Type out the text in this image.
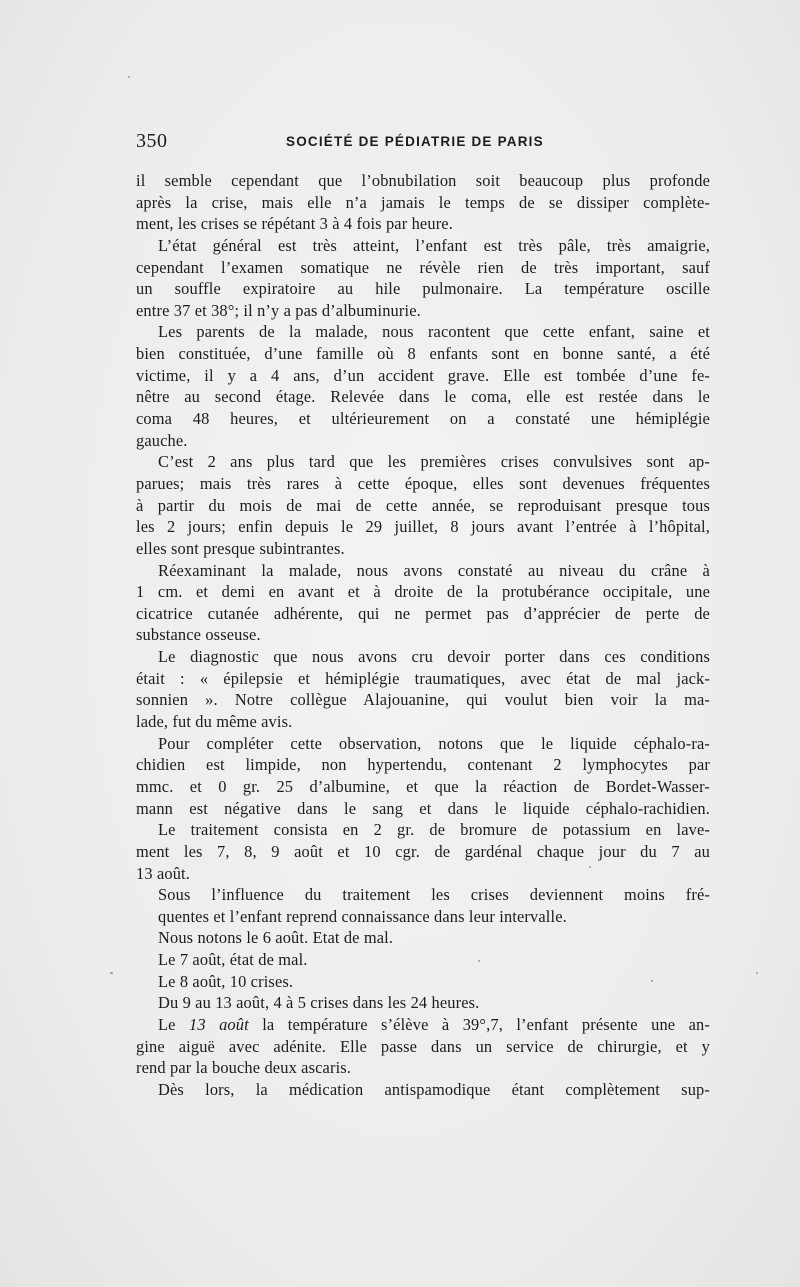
350	SOCIÉTÉ DE PÉDIATRIE DE PARIS
il semble cependant que l’obnubilation soit beaucoup plus profonde
après la crise, mais elle n’a jamais le temps de se dissiper complète-
ment, les crises se répétant 3 à 4 fois par heure.
L’état général est très atteint, l’enfant est très pâle, très amaigrie,
cependant l’examen somatique ne révèle rien de très important, sauf
un souffle expiratoire au hile pulmonaire. La température oscille
entre 37 et 38°; il n’y a pas d’albuminurie.
Les parents de la malade, nous racontent que cette enfant, saine et
bien constituée, d’une famille où 8 enfants sont en bonne santé, a été
victime, il y a 4 ans, d’un accident grave. Elle est tombée d’une fe-
nêtre au second étage. Relevée dans le coma, elle est restée dans le
coma 48 heures, et ultérieurement on a constaté une hémiplégie
gauche.
C’est 2 ans plus tard que les premières crises convulsives sont ap-
parues; mais très rares à cette époque, elles sont devenues fréquentes
à partir du mois de mai de cette année, se reproduisant presque tous
les 2 jours; enfin depuis le 29 juillet, 8 jours avant l’entrée à l’hôpital,
elles sont presque subintrantes.
Réexaminant la malade, nous avons constaté au niveau du crâne à
1 cm. et demi en avant et à droite de la protubérance occipitale, une
cicatrice cutanée adhérente, qui ne permet pas d’apprécier de perte de
substance osseuse.
Le diagnostic que nous avons cru devoir porter dans ces conditions
était : « épilepsie et hémiplégie traumatiques, avec état de mal jack-
sonnien ». Notre collègue Alajouanine, qui voulut bien voir la ma-
lade, fut du même avis.
Pour compléter cette observation, notons que le liquide céphalo-ra-
chidien est limpide, non hypertendu, contenant 2 lymphocytes par
mmc. et 0 gr. 25 d’albumine, et que la réaction de Bordet-Wasser-
mann est négative dans le sang et dans le liquide céphalo-rachidien.
Le traitement consista en 2 gr. de bromure de potassium en lave-
ment les 7, 8, 9 août et 10 cgr. de gardénal chaque jour du 7 au
13 août.
Sous l’influence du traitement les crises deviennent moins fré-
quentes et l’enfant reprend connaissance dans leur intervalle.
Nous notons le 6 août. Etat de mal.
Le 7 août, état de mal.
Le 8 août, 10 crises.
Du 9 au 13 août, 4 à 5 crises dans les 24 heures.
Le 13 août la température s’élève à 39°,7, l’enfant présente une an-
gine aiguë avec adénite. Elle passe dans un service de chirurgie, et y
rend par la bouche deux ascaris.
Dès lors, la médication antispamodique étant complètement sup-
